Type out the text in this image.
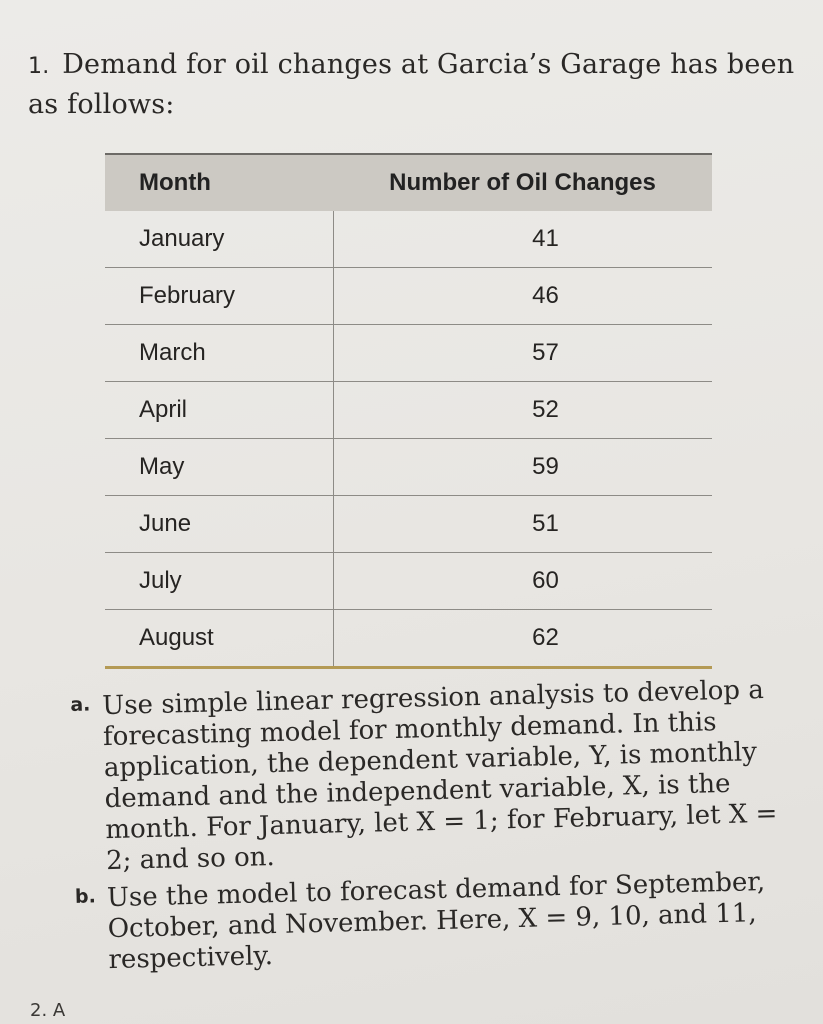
1. Demand for oil changes at Garcia’s Garage has been as follows:
Month	Number of Oil Changes
January	41
February	46
March	57
April	52
May	59
June	51
July	60
August	62
a. Use simple linear regression analysis to develop a forecasting model for monthly demand. In this application, the dependent variable, Y, is monthly demand and the independent variable, X, is the month. For January, let X = 1; for February, let X = 2; and so on.
b. Use the model to forecast demand for September, October, and November. Here, X = 9, 10, and 11, respectively.
2. A
